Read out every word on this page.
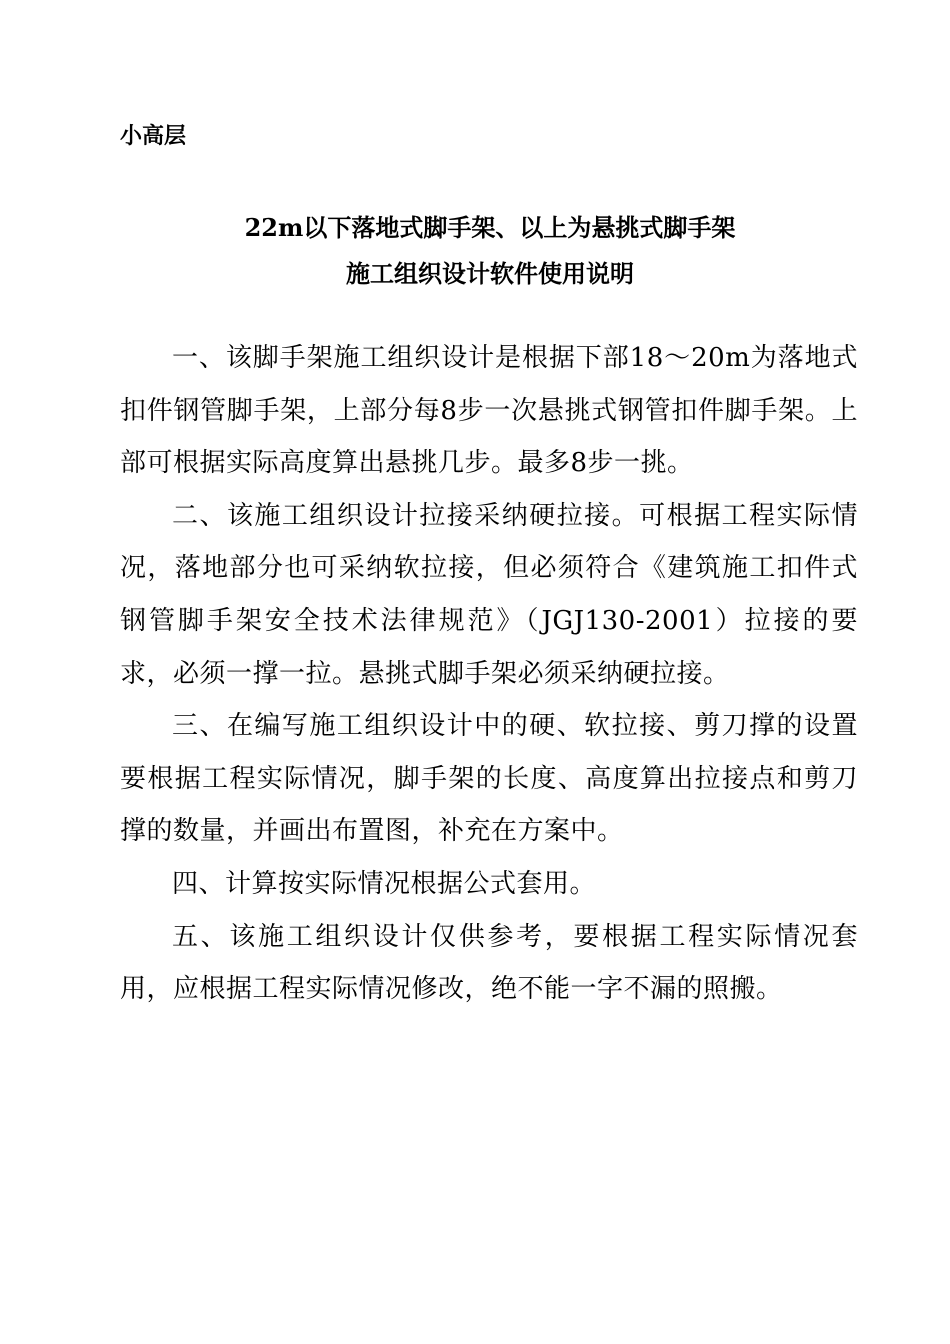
小高层
22m以下落地式脚手架、以上为悬挑式脚手架
施工组织设计软件使用说明

一、该脚手架施工组织设计是根据下部18～20m为落地式扣件钢管脚手架，上部分每8步一次悬挑式钢管扣件脚手架。上部可根据实际高度算出悬挑几步。最多8步一挑。

二、该施工组织设计拉接采纳硬拉接。可根据工程实际情况，落地部分也可采纳软拉接，但必须符合《建筑施工扣件式钢管脚手架安全技术法律规范》（JGJ130-2001）拉接的要求，必须一撑一拉。悬挑式脚手架必须采纳硬拉接。

三、在编写施工组织设计中的硬、软拉接、剪刀撑的设置要根据工程实际情况，脚手架的长度、高度算出拉接点和剪刀撑的数量，并画出布置图，补充在方案中。

四、计算按实际情况根据公式套用。

五、该施工组织设计仅供参考，要根据工程实际情况套用，应根据工程实际情况修改，绝不能一字不漏的照搬。
